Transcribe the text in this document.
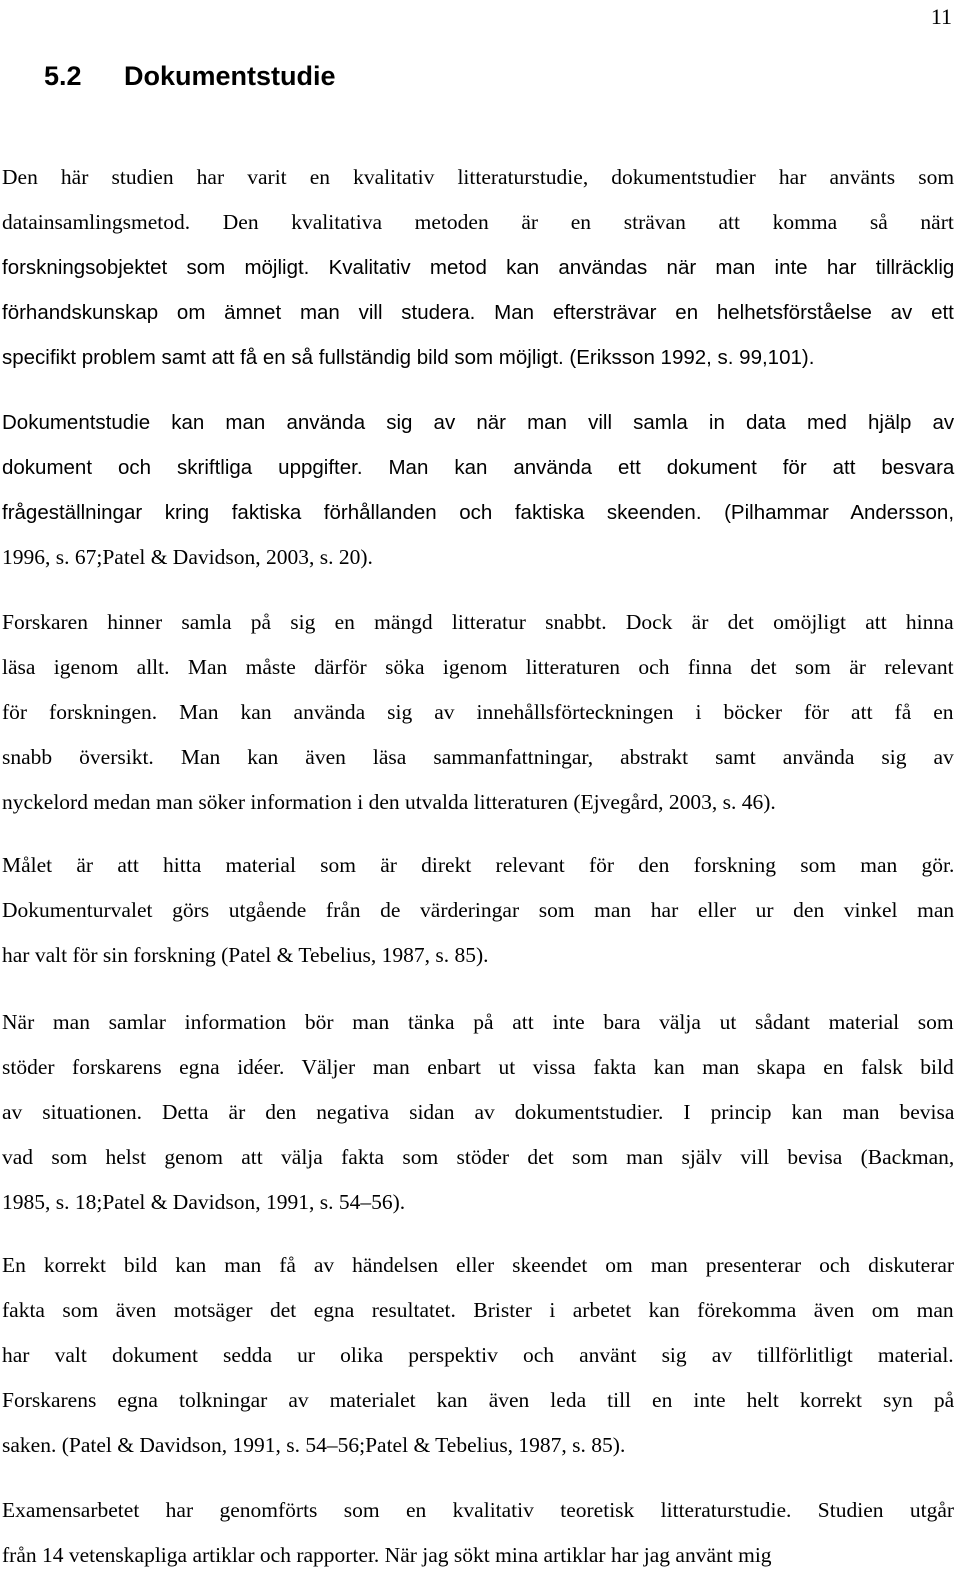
11
5.2 Dokumentstudie
Den här studien har varit en kvalitativ litteraturstudie, dokumentstudier har använts som
datainsamlingsmetod. Den kvalitativa metoden är en strävan att komma så närt
forskningsobjektet som möjligt. Kvalitativ metod kan användas när man inte har tillräcklig
förhandskunskap om ämnet man vill studera. Man eftersträvar en helhetsförståelse av ett
specifikt problem samt att få en så fullständig bild som möjligt. (Eriksson 1992, s. 99,101).
Dokumentstudie kan man använda sig av när man vill samla in data med hjälp av
dokument och skriftliga uppgifter. Man kan använda ett dokument för att besvara
frågeställningar kring faktiska förhållanden och faktiska skeenden. (Pilhammar Andersson,
1996, s. 67;Patel & Davidson, 2003, s. 20).
Forskaren hinner samla på sig en mängd litteratur snabbt. Dock är det omöjligt att hinna
läsa igenom allt. Man måste därför söka igenom litteraturen och finna det som är relevant
för forskningen. Man kan använda sig av innehållsförteckningen i böcker för att få en
snabb översikt. Man kan även läsa sammanfattningar, abstrakt samt använda sig av
nyckelord medan man söker information i den utvalda litteraturen (Ejvegård, 2003, s. 46).
Målet är att hitta material som är direkt relevant för den forskning som man gör.
Dokumenturvalet görs utgående från de värderingar som man har eller ur den vinkel man
har valt för sin forskning (Patel & Tebelius, 1987, s. 85).
När man samlar information bör man tänka på att inte bara välja ut sådant material som
stöder forskarens egna idéer. Väljer man enbart ut vissa fakta kan man skapa en falsk bild
av situationen. Detta är den negativa sidan av dokumentstudier. I princip kan man bevisa
vad som helst genom att välja fakta som stöder det som man själv vill bevisa (Backman,
1985, s. 18;Patel & Davidson, 1991, s. 54–56).
En korrekt bild kan man få av händelsen eller skeendet om man presenterar och diskuterar
fakta som även motsäger det egna resultatet. Brister i arbetet kan förekomma även om man
har valt dokument sedda ur olika perspektiv och använt sig av tillförlitligt material.
Forskarens egna tolkningar av materialet kan även leda till en inte helt korrekt syn på
saken. (Patel & Davidson, 1991, s. 54–56;Patel & Tebelius, 1987, s. 85).
Examensarbetet har genomförts som en kvalitativ teoretisk litteraturstudie. Studien utgår
från 14 vetenskapliga artiklar och rapporter. När jag sökt mina artiklar har jag använt mig
